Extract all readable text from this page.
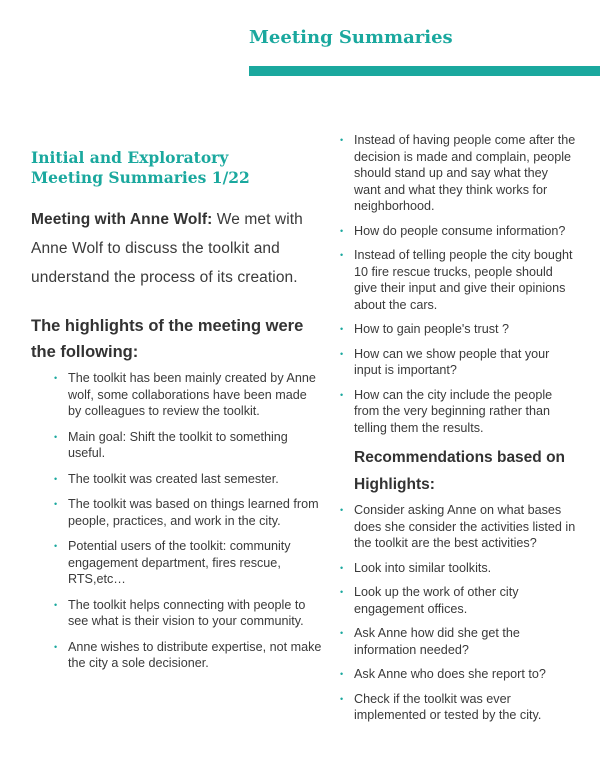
Meeting Summaries
Initial and Exploratory
Meeting Summaries 1/22

Meeting with Anne Wolf: We met with Anne Wolf to discuss the toolkit and understand the process of its creation.

The highlights of the meeting were the following:
• The toolkit has been mainly created by Anne wolf, some collaborations have been made by colleagues to review the toolkit.
• Main goal: Shift the toolkit to something useful.
• The toolkit was created last semester.
• The toolkit was based on things learned from people, practices, and work in the city.
• Potential users of the toolkit: community engagement department, fires rescue, RTS,etc…
• The toolkit helps connecting with people to see what is their vision to your community.
• Anne wishes to distribute expertise, not make the city a sole decisioner.
• Instead of having people come after the decision is made and complain, people should stand up and say what they want and what they think works for neighborhood.
• How do people consume information?
• Instead of telling people the city bought 10 fire rescue trucks, people should give their input and give their opinions about the cars.
• How to gain people's trust ?
• How can we show people that your input is important?
• How can the city include the people from the very beginning rather than telling them the results.
Recommendations based on Highlights:
• Consider asking Anne on what bases does she consider the activities listed in the toolkit are the best activities?
• Look into similar toolkits.
• Look up the work of other city engagement offices.
• Ask Anne how did she get the information needed?
• Ask Anne who does she report to?
• Check if the toolkit was ever implemented or tested by the city.
